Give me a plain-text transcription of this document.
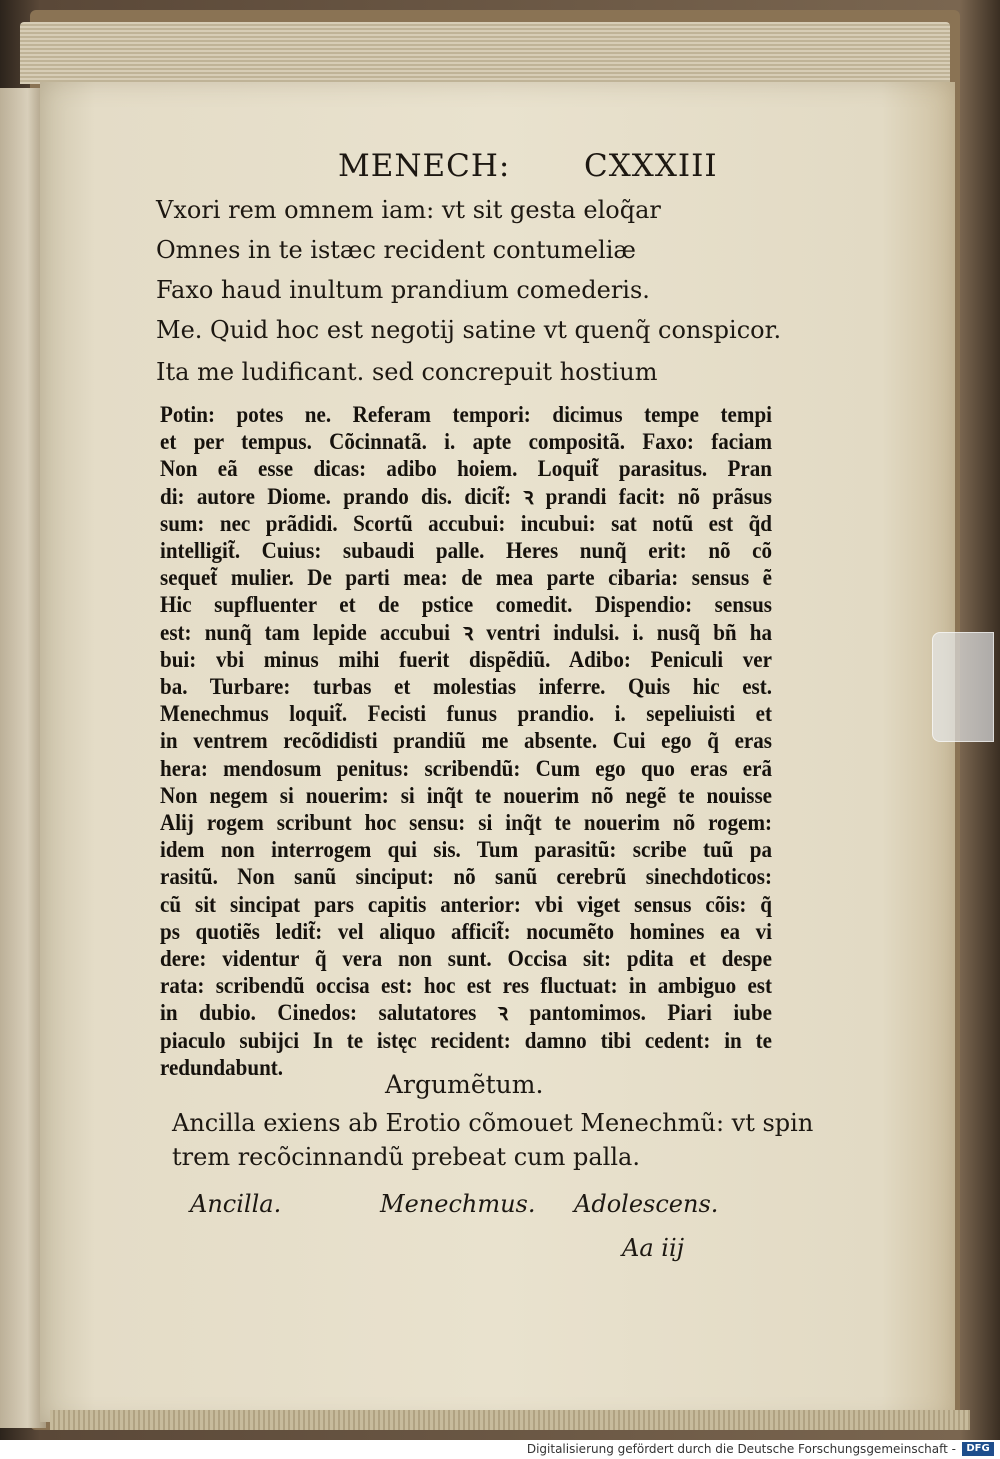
MENECH: CXXXIII
Vxori rem omnem iam: vt sit gesta eloq̃ar
Omnes in te istæc recident contumeliæ
Faxo haud inultum prandium comederis.
Me. Quid hoc est negotij satine vt quenq̃ conspicor.
Ita me ludificant. sed concrepuit hostium
Potin: potes ne. Referam tempori: dicimus tempe tempi
et per tempus. Cõcinnatã. i. apte compositã. Faxo: faciam
Non eã esse dicas: adibo hoiem. Loquit̃ parasitus. Pran
di: autore Diome. prando dis. dicit̃: ꝛ prandi facit: nõ prãsus
sum: nec prãdidi. Scortũ accubui: incubui: sat notũ est q̃d
intelligit̃. Cuius: subaudi palle. Heres nunq̃ erit: nõ cõ
sequet̃ mulier. De parti mea: de mea parte cibaria: sensus ẽ
Hic supfluenter et de pstice comedit. Dispendio: sensus
est: nunq̃ tam lepide accubui ꝛ ventri indulsi. i. nusq̃ bñ ha
bui: vbi minus mihi fuerit dispẽdiũ. Adibo: Peniculi ver
ba. Turbare: turbas et molestias inferre. Quis hic est.
Menechmus loquit̃. Fecisti funus prandio. i. sepeliuisti et
in ventrem recõdidisti prandiũ me absente. Cui ego q̃ eras
hera: mendosum penitus: scribendũ: Cum ego quo eras erã
Non negem si nouerim: si inq̃t te nouerim nõ negẽ te nouisse
Alij rogem scribunt hoc sensu: si inq̃t te nouerim nõ rogem:
idem non interrogem qui sis. Tum parasitũ: scribe tuũ pa
rasitũ. Non sanũ sinciput: nõ sanũ cerebrũ sinechdoticos:
cũ sit sincipat pars capitis anterior: vbi viget sensus cõis: q̃
ps quotiẽs ledit̃: vel aliquo afficit̃: nocumẽto homines ea vi
dere: videntur q̃ vera non sunt. Occisa sit: pdita et despe
rata: scribendũ occisa est: hoc est res fluctuat: in ambiguo est
in dubio. Cinedos: salutatores ꝛ pantomimos. Piari iube
piaculo subijci In te istęc recident: damno tibi cedent: in te
redundabunt.
Argumẽtum.
Ancilla exiens ab Erotio cõmouet Menechmũ: vt spin
trem recõcinnandũ prebeat cum palla.
Ancilla.	Menechmus. Adolescens.
Aa iij
Digitalisierung gefördert durch die Deutsche Forschungsgemeinschaft -	DFG
